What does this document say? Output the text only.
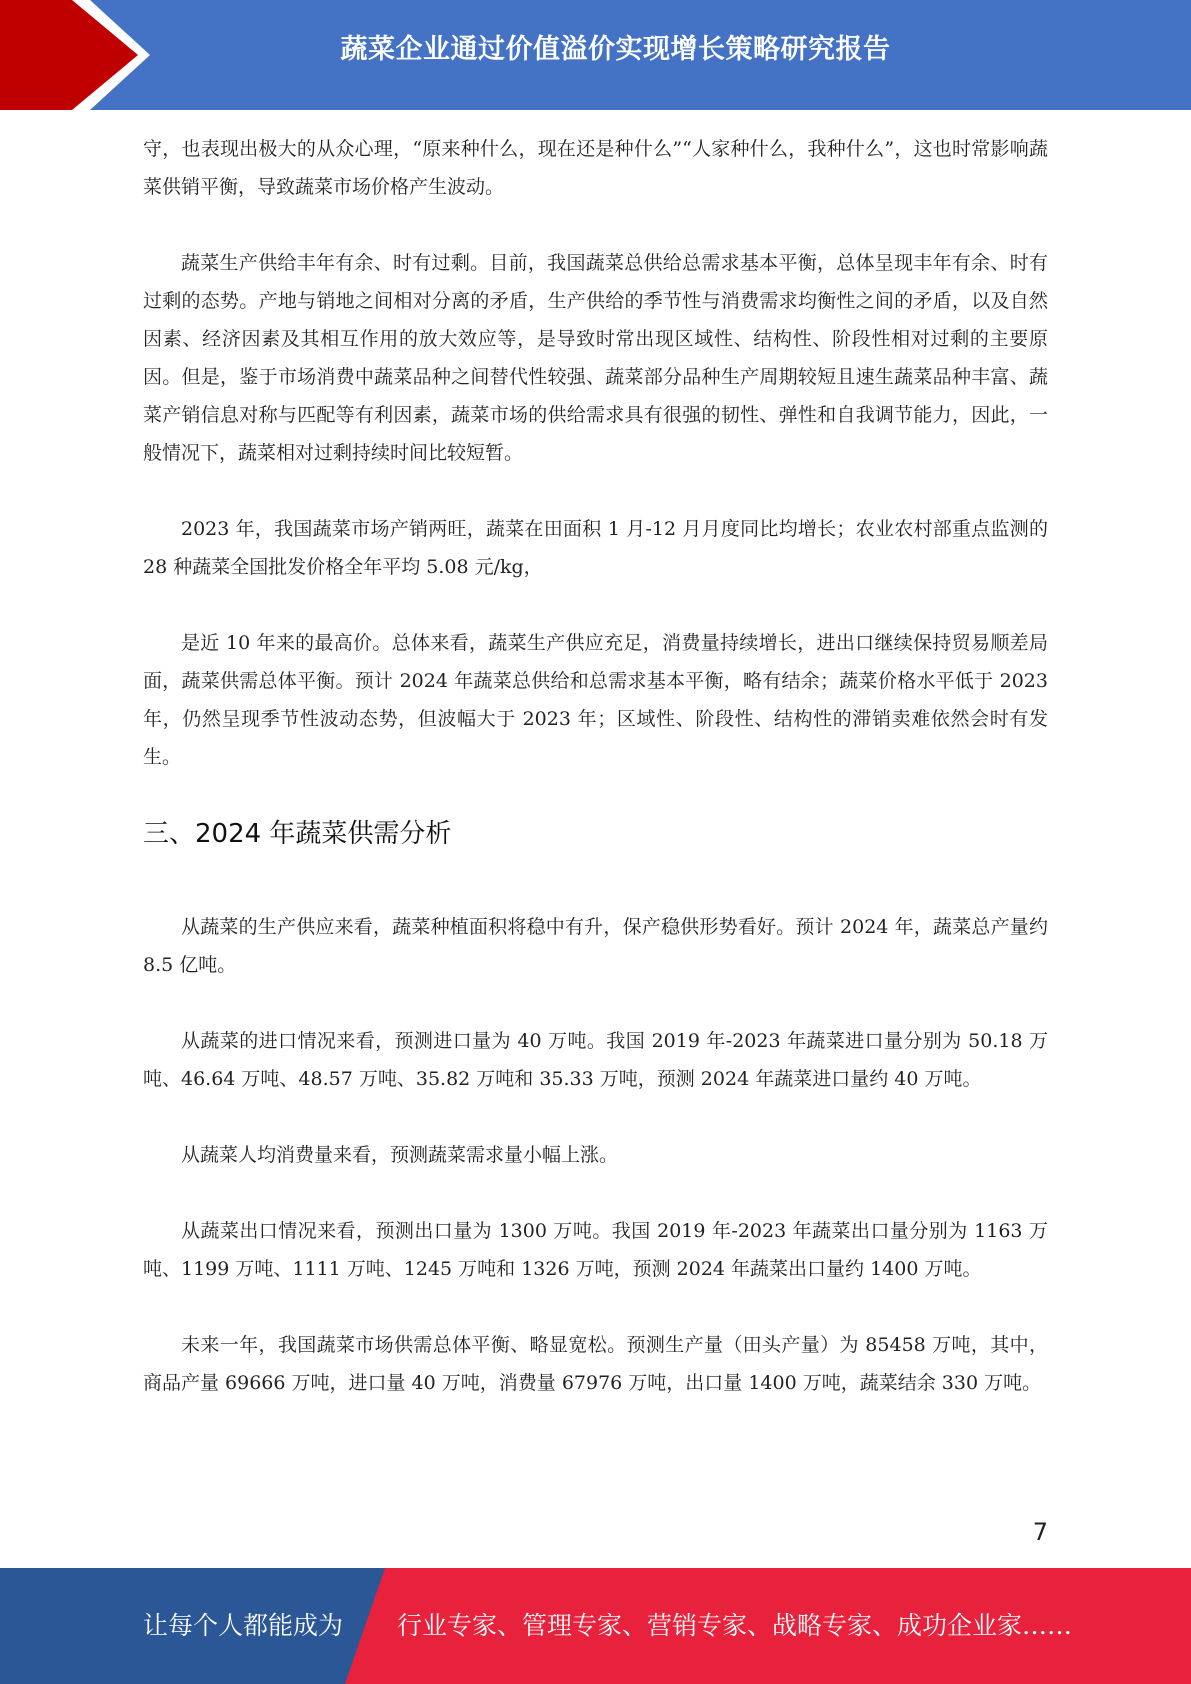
蔬菜企业通过价值溢价实现增长策略研究报告

守，也表现出极大的从众心理，“原来种什么，现在还是种什么”“人家种什么，我种什么”，这也时常影响蔬菜供销平衡，导致蔬菜市场价格产生波动。

蔬菜生产供给丰年有余、时有过剩。目前，我国蔬菜总供给总需求基本平衡，总体呈现丰年有余、时有过剩的态势。产地与销地之间相对分离的矛盾，生产供给的季节性与消费需求均衡性之间的矛盾，以及自然因素、经济因素及其相互作用的放大效应等，是导致时常出现区域性、结构性、阶段性相对过剩的主要原因。但是，鉴于市场消费中蔬菜品种之间替代性较强、蔬菜部分品种生产周期较短且速生蔬菜品种丰富、蔬菜产销信息对称与匹配等有利因素，蔬菜市场的供给需求具有很强的韧性、弹性和自我调节能力，因此，一般情况下，蔬菜相对过剩持续时间比较短暂。

2023 年，我国蔬菜市场产销两旺，蔬菜在田面积 1 月-12 月月度同比均增长；农业农村部重点监测的 28 种蔬菜全国批发价格全年平均 5.08 元/kg，

是近 10 年来的最高价。总体来看，蔬菜生产供应充足，消费量持续增长，进出口继续保持贸易顺差局面，蔬菜供需总体平衡。预计 2024 年蔬菜总供给和总需求基本平衡，略有结余；蔬菜价格水平低于 2023 年，仍然呈现季节性波动态势，但波幅大于 2023 年；区域性、阶段性、结构性的滞销卖难依然会时有发生。

三、2024 年蔬菜供需分析

从蔬菜的生产供应来看，蔬菜种植面积将稳中有升，保产稳供形势看好。预计 2024 年，蔬菜总产量约 8.5 亿吨。

从蔬菜的进口情况来看，预测进口量为 40 万吨。我国 2019 年-2023 年蔬菜进口量分别为 50.18 万吨、46.64 万吨、48.57 万吨、35.82 万吨和 35.33 万吨，预测 2024 年蔬菜进口量约 40 万吨。

从蔬菜人均消费量来看，预测蔬菜需求量小幅上涨。

从蔬菜出口情况来看，预测出口量为 1300 万吨。我国 2019 年-2023 年蔬菜出口量分别为 1163 万吨、1199 万吨、1111 万吨、1245 万吨和 1326 万吨，预测 2024 年蔬菜出口量约 1400 万吨。

未来一年，我国蔬菜市场供需总体平衡、略显宽松。预测生产量（田头产量）为 85458 万吨，其中，商品产量 69666 万吨，进口量 40 万吨，消费量 67976 万吨，出口量 1400 万吨，蔬菜结余 330 万吨。

7
让每个人都能成为 行业专家、管理专家、营销专家、战略专家、成功企业家……
